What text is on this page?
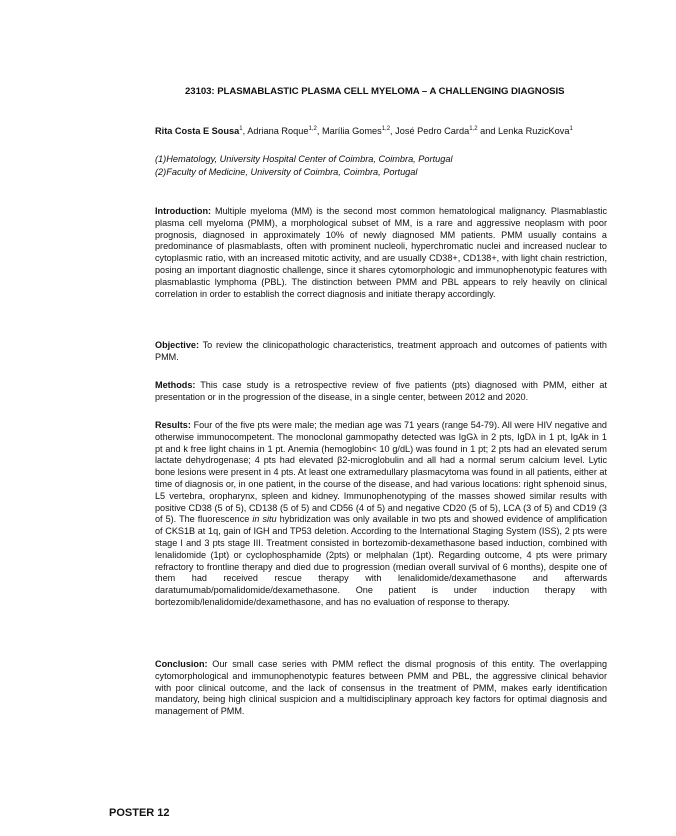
23103: PLASMABLASTIC PLASMA CELL MYELOMA – A CHALLENGING DIAGNOSIS
Rita Costa E Sousa$^1$, Adriana Roque$^{1,2}$, Marília Gomes$^{1,2}$, José Pedro Carda$^{1,2}$ and Lenka RuzicKova$^1$
(1)Hematology, University Hospital Center of Coimbra, Coimbra, Portugal
(2)Faculty of Medicine, University of Coimbra, Coimbra, Portugal
Introduction: Multiple myeloma (MM) is the second most common hematological malignancy. Plasmablastic plasma cell myeloma (PMM), a morphological subset of MM, is a rare and aggressive neoplasm with poor prognosis, diagnosed in approximately 10% of newly diagnosed MM patients. PMM usually contains a predominance of plasmablasts, often with prominent nucleoli, hyperchromatic nuclei and increased nuclear to cytoplasmic ratio, with an increased mitotic activity, and are usually CD38+, CD138+, with light chain restriction, posing an important diagnostic challenge, since it shares cytomorphologic and immunophenotypic features with plasmablastic lymphoma (PBL). The distinction between PMM and PBL appears to rely heavily on clinical correlation in order to establish the correct diagnosis and initiate therapy accordingly.
Objective: To review the clinicopathologic characteristics, treatment approach and outcomes of patients with PMM.
Methods: This case study is a retrospective review of five patients (pts) diagnosed with PMM, either at presentation or in the progression of the disease, in a single center, between 2012 and 2020.
Results: Four of the five pts were male; the median age was 71 years (range 54-79). All were HIV negative and otherwise immunocompetent. The monoclonal gammopathy detected was IgGλ in 2 pts, IgDλ in 1 pt, IgAk in 1 pt and k free light chains in 1 pt. Anemia (hemoglobin< 10 g/dL) was found in 1 pt; 2 pts had an elevated serum lactate dehydrogenase; 4 pts had elevated β2-microglobulin and all had a normal serum calcium level. Lytic bone lesions were present in 4 pts. At least one extramedullary plasmacytoma was found in all patients, either at time of diagnosis or, in one patient, in the course of the disease, and had various locations: right sphenoid sinus, L5 vertebra, oropharynx, spleen and kidney. Immunophenotyping of the masses showed similar results with positive CD38 (5 of 5), CD138 (5 of 5) and CD56 (4 of 5) and negative CD20 (5 of 5), LCA (3 of 5) and CD19 (3 of 5). The fluorescence in situ hybridization was only available in two pts and showed evidence of amplification of CKS1B at 1q, gain of IGH and TP53 deletion. According to the International Staging System (ISS), 2 pts were stage I and 3 pts stage III. Treatment consisted in bortezomib-dexamethasone based induction, combined with lenalidomide (1pt) or cyclophosphamide (2pts) or melphalan (1pt). Regarding outcome, 4 pts were primary refractory to frontline therapy and died due to progression (median overall survival of 6 months), despite one of them had received rescue therapy with lenalidomide/dexamethasone and afterwards daratumumab/pomalidomide/dexamethasone. One patient is under induction therapy with bortezomib/lenalidomide/dexamethasone, and has no evaluation of response to therapy.
Conclusion: Our small case series with PMM reflect the dismal prognosis of this entity. The overlapping cytomorphological and immunophenotypic features between PMM and PBL, the aggressive clinical behavior with poor clinical outcome, and the lack of consensus in the treatment of PMM, makes early identification mandatory, being high clinical suspicion and a multidisciplinary approach key factors for optimal diagnosis and management of PMM.
POSTER 12
